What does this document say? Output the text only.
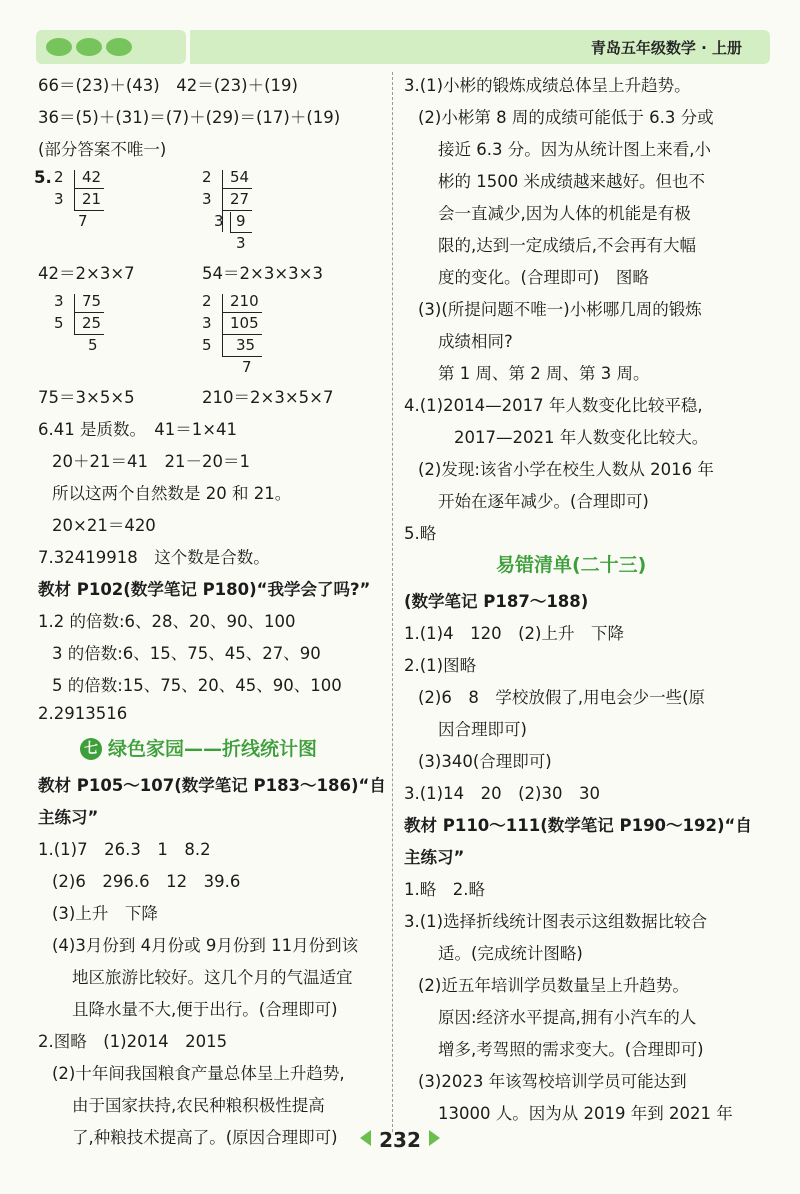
青岛五年级数学 · 上册
66＝(23)＋(43)　42＝(23)＋(19)
36＝(5)＋(31)＝(7)＋(29)＝(17)＋(19)
(部分答案不唯一)
5. 2 42
3 21
7
2 54
3 27
3 9
3
42＝2×3×7	54＝2×3×3×3
3 75
5 25
5
2 210
3 105
5 35
7
75＝3×5×5	210＝2×3×5×7
6.41 是质数。　41＝1×41
20＋21＝41　21－20＝1
所以这两个自然数是 20 和 21。
20×21＝420
7.32419918　这个数是合数。
教材 P102(数学笔记 P180)“我学会了吗?”
1.2 的倍数:6、28、20、90、100
3 的倍数:6、15、75、45、27、90
5 的倍数:15、75、20、45、90、100
2.2913516
七 绿色家园——折线统计图
教材 P105～107(数学笔记 P183～186)“自
主练习”
1.(1)7　26.3　1　8.2
(2)6　296.6　12　39.6
(3)上升　下降
(4)3月份到 4月份或 9月份到 11月份到该
地区旅游比较好。这几个月的气温适宜
且降水量不大,便于出行。(合理即可)
2.图略　(1)2014　2015
(2)十年间我国粮食产量总体呈上升趋势,
由于国家扶持,农民种粮积极性提高
了,种粮技术提高了。(原因合理即可)
3.(1)小彬的锻炼成绩总体呈上升趋势。
(2)小彬第 8 周的成绩可能低于 6.3 分或
接近 6.3 分。因为从统计图上来看,小
彬的 1500 米成绩越来越好。但也不
会一直减少,因为人体的机能是有极
限的,达到一定成绩后,不会再有大幅
度的变化。(合理即可)　图略
(3)(所提问题不唯一)小彬哪几周的锻炼
成绩相同?
第 1 周、第 2 周、第 3 周。
4.(1)2014—2017 年人数变化比较平稳,
2017—2021 年人数变化比较大。
(2)发现:该省小学在校生人数从 2016 年
开始在逐年减少。(合理即可)
5.略
易错清单(二十三)
(数学笔记 P187～188)
1.(1)4　120　(2)上升　下降
2.(1)图略
(2)6　8　学校放假了,用电会少一些(原
因合理即可)
(3)340(合理即可)
3.(1)14　20　(2)30　30
教材 P110～111(数学笔记 P190～192)“自
主练习”
1.略　2.略
3.(1)选择折线统计图表示这组数据比较合
适。(完成统计图略)
(2)近五年培训学员数量呈上升趋势。
原因:经济水平提高,拥有小汽车的人
增多,考驾照的需求变大。(合理即可)
(3)2023 年该驾校培训学员可能达到
13000 人。因为从 2019 年到 2021 年
232
